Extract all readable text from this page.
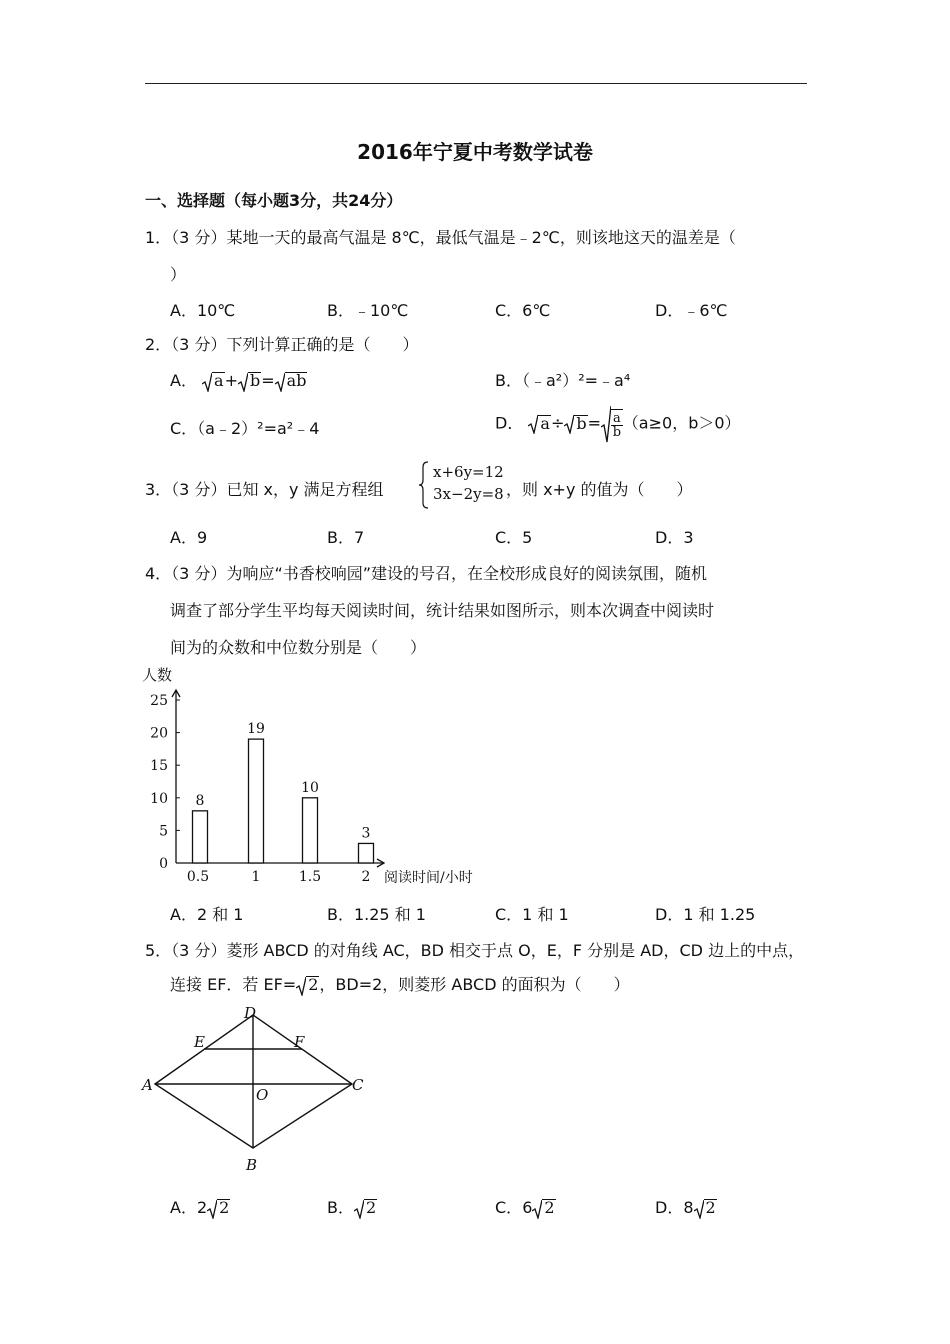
2016年宁夏中考数学试卷
一、选择题（每小题3分，共24分）
1．（3 分）某地一天的最高气温是 8℃，最低气温是﹣2℃，则该地这天的温差是（
）
A．10℃	B．﹣10℃	C．6℃	D．﹣6℃
2．（3 分）下列计算正确的是（　　）
A． a+ b= ab	B．（﹣a²）²=﹣a⁴
C．（a﹣2）²=a²﹣4	D． $a\div b= \frac{a}{b} (a\ge 0$，b＞0）
3．（3 分）已知 x，y 满足方程组
x+6y=12
3x−2y=8 ，则 x+y 的值为（　　）
A．9	B．7	C．5	D．3
4．（3 分）为响应“书香校响园”建设的号召，在全校形成良好的阅读氛围，随机
调查了部分学生平均每天阅读时间，统计结果如图所示，则本次调查中阅读时
间为的众数和中位数分别是（　　）
人数
阅读时间/小时
0
5
10
15
20
25
8
0.5
19
1
10
1.5
3
2
A．2 和 1	B．1.25 和 1	C．1 和 1	D．1 和 1.25
5．（3 分）菱形 ABCD 的对角线 AC，BD 相交于点 O，E，F 分别是 AD，CD 边上的中点，
连接 EF．若 EF= 2，BD=2，则菱形 ABCD 的面积为（　　）
A
B
C
D
E	F
O
A．2 2	B． 2	C．6 2	D．8 2
